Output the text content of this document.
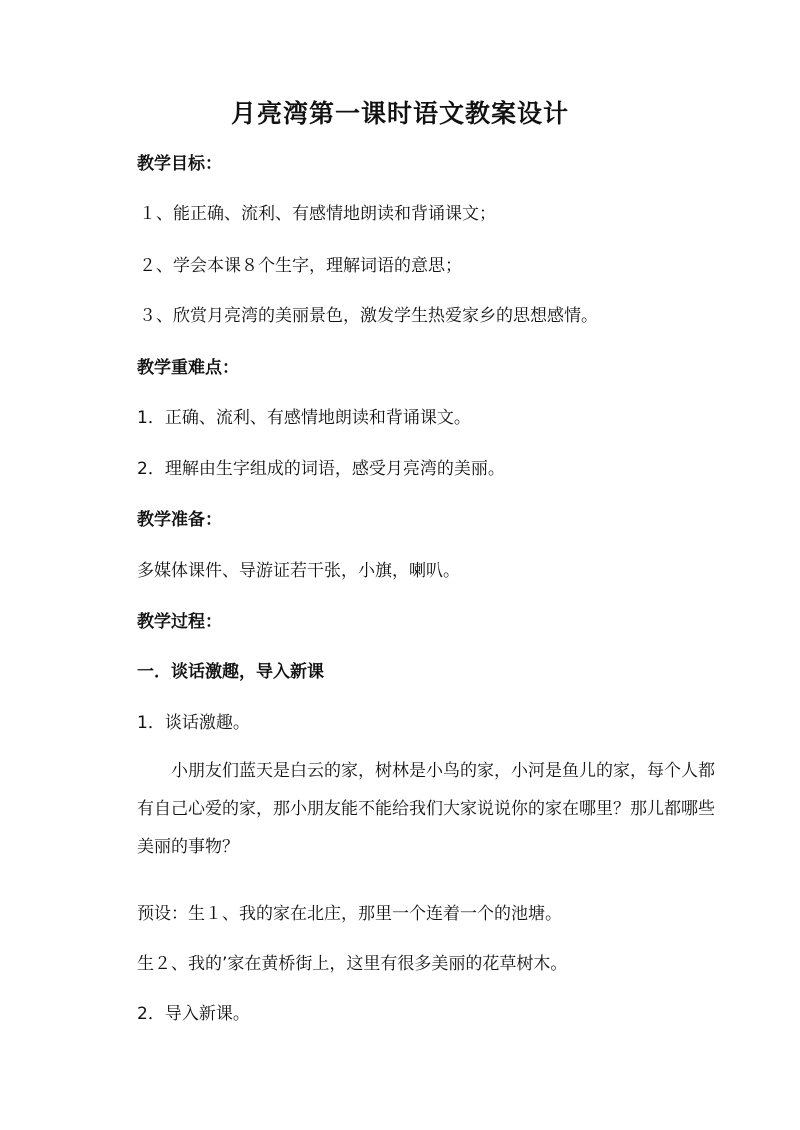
月亮湾第一课时语文教案设计
教学目标：
１、能正确、流利、有感情地朗读和背诵课文；
２、学会本课８个生字，理解词语的意思；
３、欣赏月亮湾的美丽景色，激发学生热爱家乡的思想感情。
教学重难点：
1．正确、流利、有感情地朗读和背诵课文。
2．理解由生字组成的词语，感受月亮湾的美丽。
教学准备：
多媒体课件、导游证若干张，小旗，喇叭。
教学过程：
一．谈话激趣，导入新课
1．谈话激趣。
小朋友们蓝天是白云的家，树林是小鸟的家，小河是鱼儿的家，每个人都有自己心爱的家，那小朋友能不能给我们大家说说你的家在哪里？那儿都哪些美丽的事物？
预设：生１、我的家在北庄，那里一个连着一个的池塘。
生２、我的’家在黄桥街上，这里有很多美丽的花草树木。
2．导入新课。
